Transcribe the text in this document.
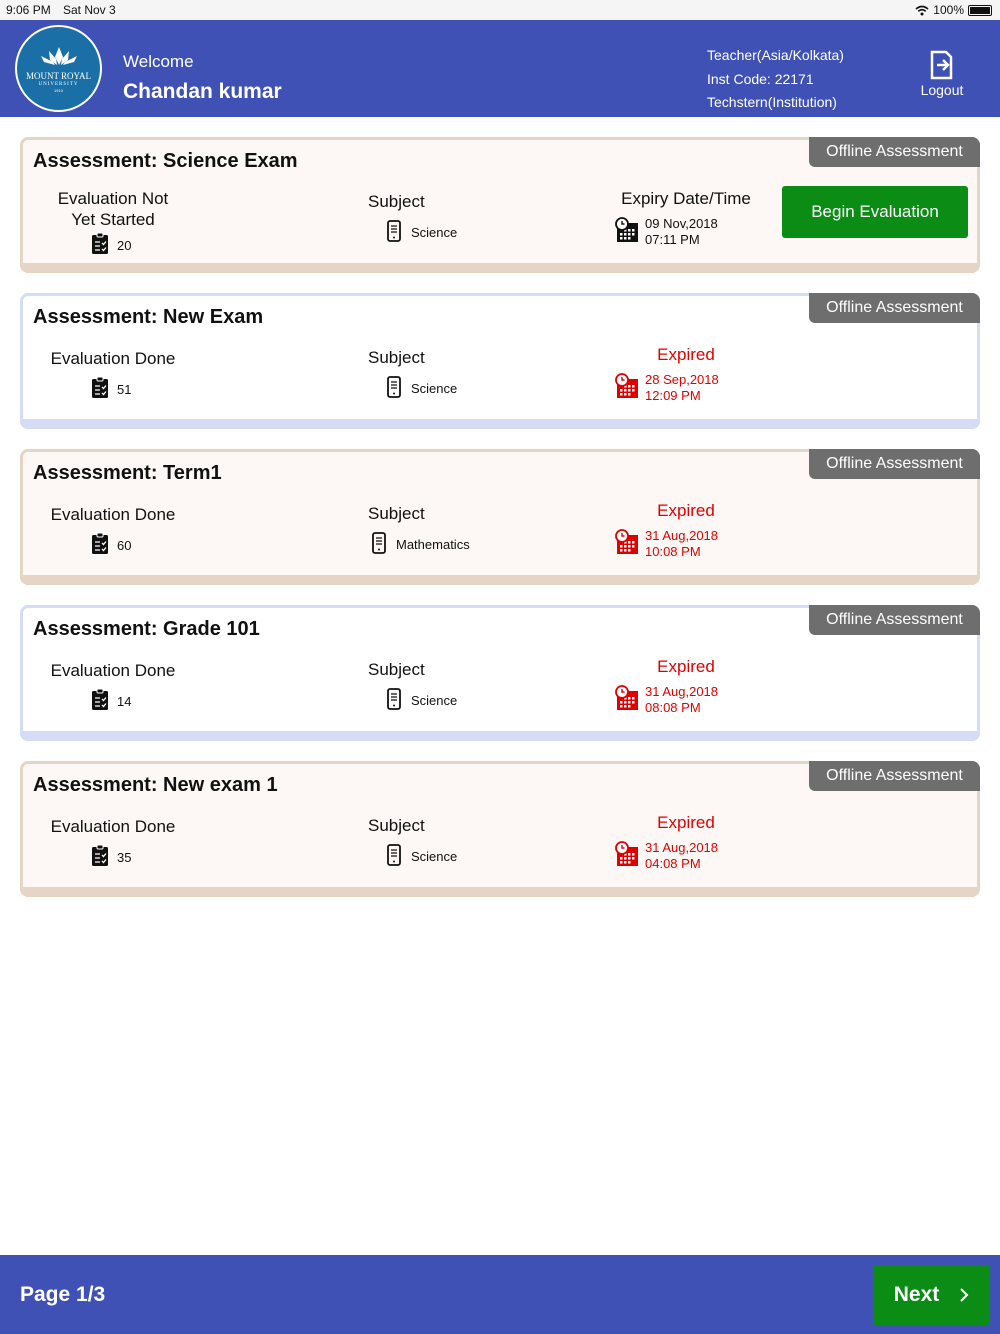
9:06 PM Sat Nov 3	100%
MOUNT ROYAL
UNIVERSITY
1910
Welcome
Chandan kumar
Teacher(Asia/Kolkata)
Inst Code: 22171
Techstern(Institution)
Logout
Offline Assessment
Assessment: Science Exam
Evaluation Not
Yet Started
20
Subject
Science
Expiry Date/Time
09 Nov,2018
07:11 PM
Begin Evaluation
Offline Assessment
Assessment: New Exam
Evaluation Done
51
Subject
Science
Expired
28 Sep,2018
12:09 PM
Offline Assessment
Assessment: Term1
Evaluation Done
60
Subject
Mathematics
Expired
31 Aug,2018
10:08 PM
Offline Assessment
Assessment: Grade 101
Evaluation Done
14
Subject
Science
Expired
31 Aug,2018
08:08 PM
Offline Assessment
Assessment: New exam 1
Evaluation Done
35
Subject
Science
Expired
31 Aug,2018
04:08 PM
Page 1/3	Next
